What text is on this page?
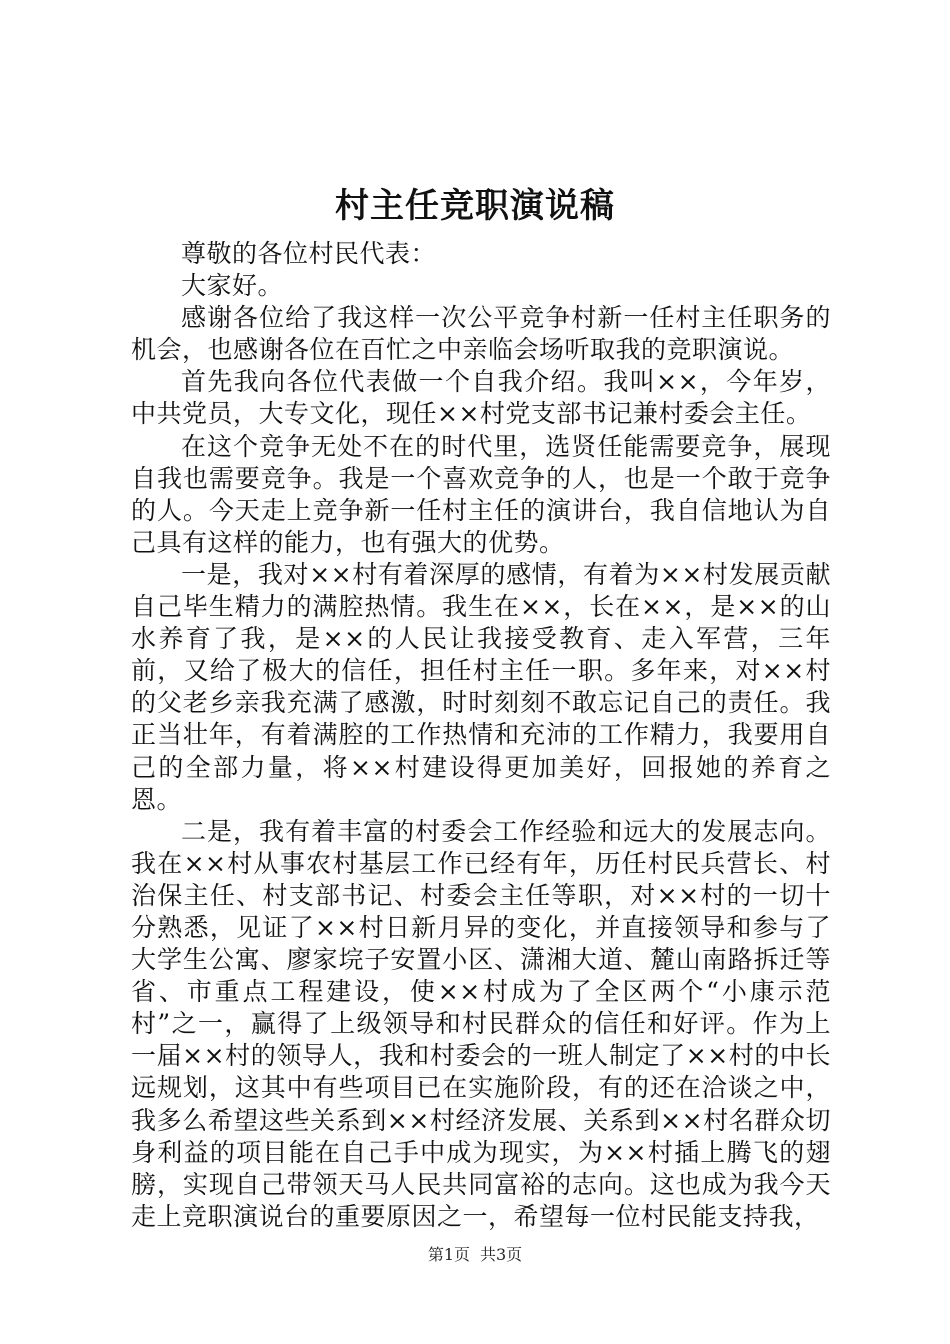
村主任竞职演说稿

尊敬的各位村民代表：

大家好。

感谢各位给了我这样一次公平竞争村新一任村主任职务的机会，也感谢各位在百忙之中亲临会场听取我的竞职演说。

首先我向各位代表做一个自我介绍。我叫××，今年岁，中共党员，大专文化，现任××村党支部书记兼村委会主任。

在这个竞争无处不在的时代里，选贤任能需要竞争，展现自我也需要竞争。我是一个喜欢竞争的人，也是一个敢于竞争的人。今天走上竞争新一任村主任的演讲台，我自信地认为自己具有这样的能力，也有强大的优势。

一是，我对××村有着深厚的感情，有着为××村发展贡献自己毕生精力的满腔热情。我生在××，长在××，是××的山水养育了我，是××的人民让我接受教育、走入军营，三年前，又给了极大的信任，担任村主任一职。多年来，对××村的父老乡亲我充满了感激，时时刻刻不敢忘记自己的责任。我正当壮年，有着满腔的工作热情和充沛的工作精力，我要用自己的全部力量，将××村建设得更加美好，回报她的养育之恩。

二是，我有着丰富的村委会工作经验和远大的发展志向。我在××村从事农村基层工作已经有年，历任村民兵营长、村治保主任、村支部书记、村委会主任等职，对××村的一切十分熟悉，见证了××村日新月异的变化，并直接领导和参与了大学生公寓、廖家垸子安置小区、潇湘大道、麓山南路拆迁等省、市重点工程建设，使××村成为了全区两个“小康示范村”之一，赢得了上级领导和村民群众的信任和好评。作为上一届××村的领导人，我和村委会的一班人制定了××村的中长远规划，这其中有些项目已在实施阶段，有的还在洽谈之中，我多么希望这些关系到××村经济发展、关系到××村名群众切身利益的项目能在自己手中成为现实，为××村插上腾飞的翅膀，实现自己带领天马人民共同富裕的志向。这也成为我今天走上竞职演说台的重要原因之一，希望每一位村民能支持我，

第1页 共3页
